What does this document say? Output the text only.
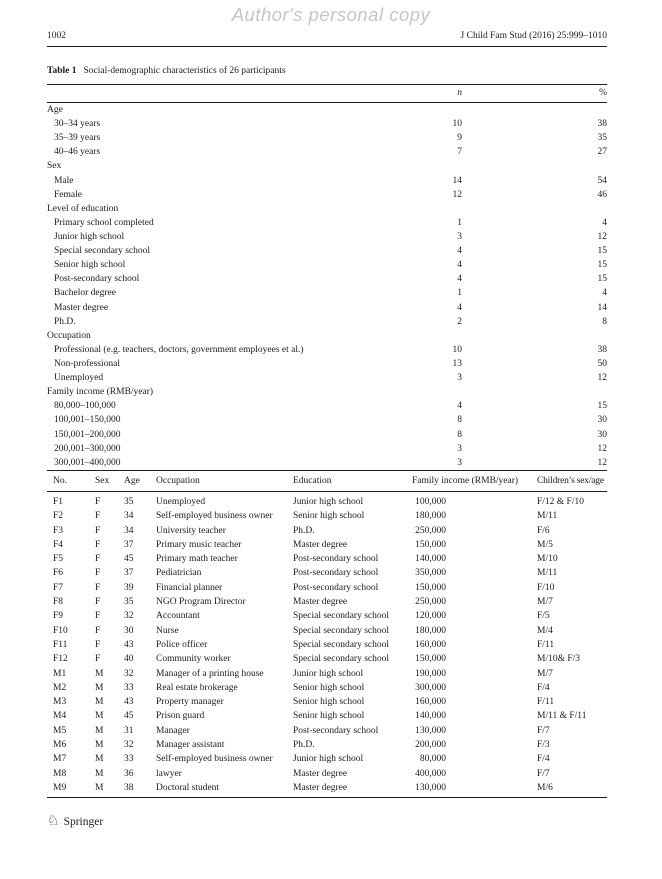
Author's personal copy
1002	J Child Fam Stud (2016) 25:999–1010
Table 1 Social-demographic characteristics of 26 participants
n	%
Age
30–34 years	10	38
35–39 years	9	35
40–46 years	7	27
Sex
Male	14	54
Female	12	46
Level of education
Primary school completed	1	4
Junior high school	3	12
Special secondary school	4	15
Senior high school	4	15
Post-secondary school	4	15
Bachelor degree	1	4
Master degree	4	14
Ph.D.	2	8
Occupation
Professional (e.g. teachers, doctors, government employees et al.)	10	38
Non-professional	13	50
Unemployed	3	12
Family income (RMB/year)
80,000–100,000	4	15
100,001–150,000	8	30
150,001–200,000	8	30
200,001–300,000	3	12
300,001–400,000	3	12
No.	Sex	Age	Occupation	Education	Family income (RMB/year)	Children’s sex/age
F1	F	35	Unemployed	Junior high school	100,000	F/12 & F/10
F2	F	34	Self-employed business owner	Senior high school	180,000	M/11
F3	F	34	University teacher	Ph.D.	250,000	F/6
F4	F	37	Primary music teacher	Master degree	150,000	M/5
F5	F	45	Primary math teacher	Post-secondary school	140,000	M/10
F6	F	37	Pediatrician	Post-secondary school	350,000	M/11
F7	F	39	Financial planner	Post-secondary school	150,000	F/10
F8	F	35	NGO Program Director	Master degree	250,000	M/7
F9	F	32	Accountant	Special secondary school	120,000	F/5
F10	F	30	Nurse	Special secondary school	180,000	M/4
F11	F	43	Police officer	Special secondary school	160,000	F/11
F12	F	40	Community worker	Special secondary school	150,000	M/10& F/3
M1	M	32	Manager of a printing house	Junior high school	190,000	M/7
M2	M	33	Real estate brokerage	Senior high school	300,000	F/4
M3	M	43	Property manager	Senior high school	160,000	F/11
M4	M	45	Prison guard	Senior high school	140,000	M/11 & F/11
M5	M	31	Manager	Post-secondary school	130,000	F/7
M6	M	32	Manager assistant	Ph.D.	200,000	F/3
M7	M	33	Self-employed business owner	Junior high school	80,000	F/4
M8	M	36	lawyer	Master degree	400,000	F/7
M9	M	38	Doctoral student	Master degree	130,000	M/6
♘ Springer
